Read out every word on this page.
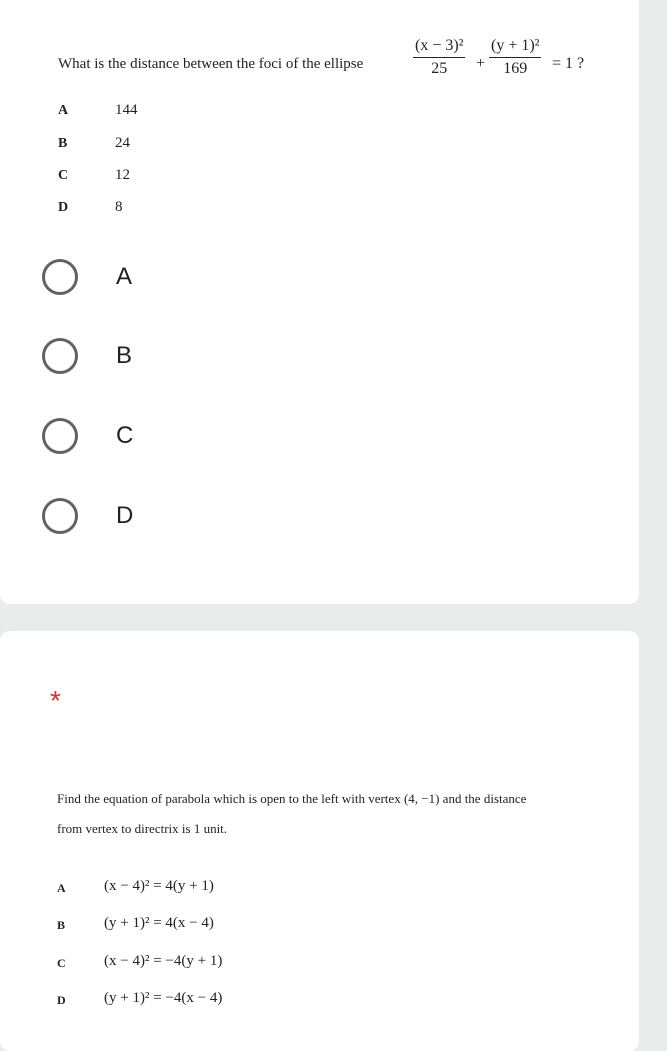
What is the distance between the foci of the ellipse
(x − 3)²
25	+
(y + 1)²
169	= 1 ?
A	144
B	24
C	12
D	8
A
B
C
D
*
Find the equation of parabola which is open to the left with vertex (4, −1) and the distance
from vertex to directrix is 1 unit.
A	(x − 4)² = 4(y + 1)
B	(y + 1)² = 4(x − 4)
C	(x − 4)² = −4(y + 1)
D	(y + 1)² = −4(x − 4)
